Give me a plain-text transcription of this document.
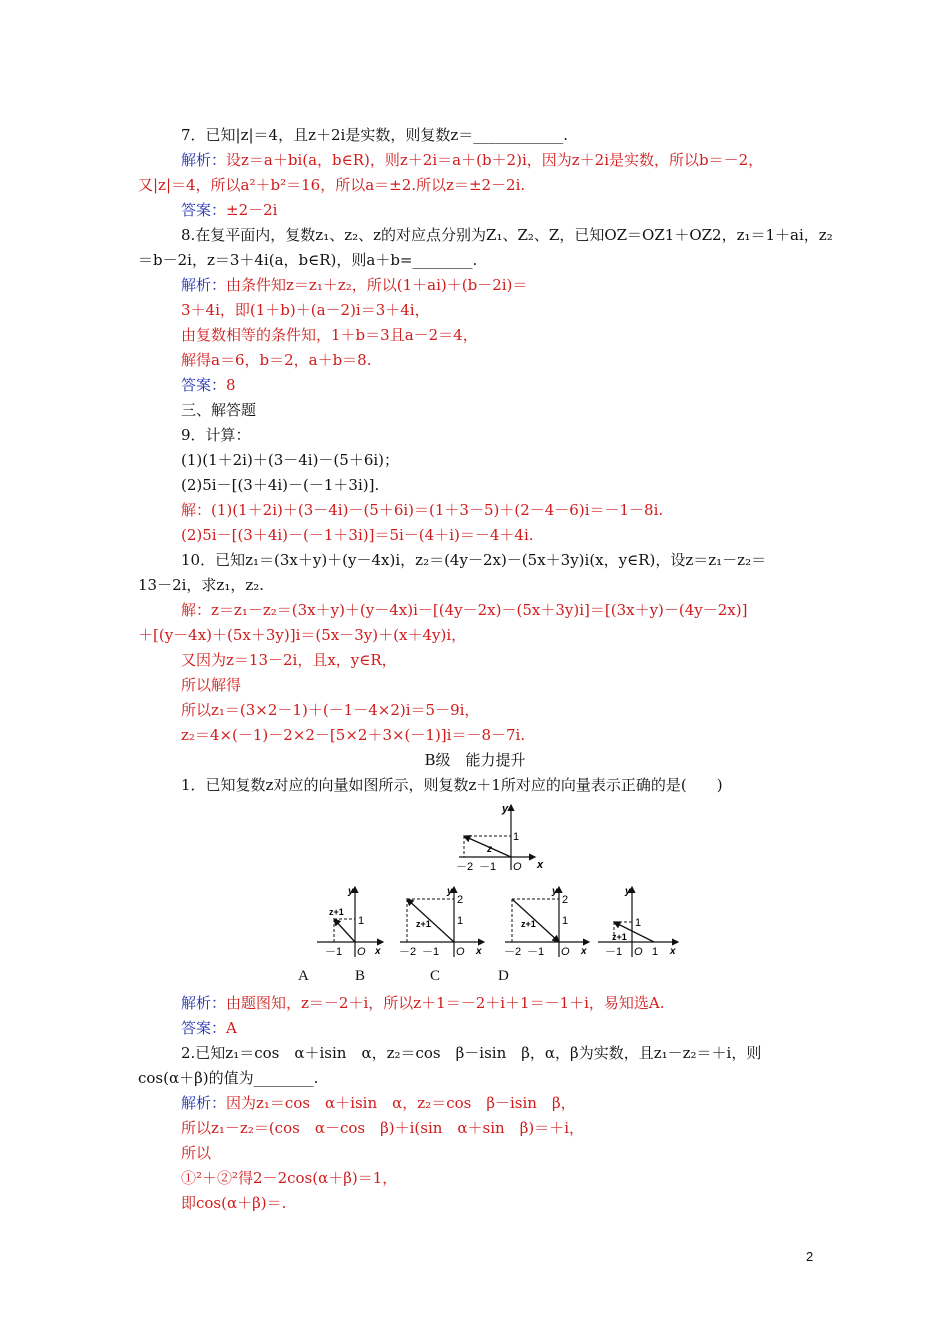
7．已知|z|＝4，且z＋2i是实数，则复数z＝____________.
解析：设z＝a＋bi(a，b∈R)，则z＋2i＝a＋(b＋2)i，因为z＋2i是实数，所以b＝－2，
又|z|＝4，所以a²＋b²＝16，所以a＝±2.所以z＝±2－2i.
答案：±2－2i
8.在复平面内，复数z₁、z₂、z的对应点分别为Z₁、Z₂、Z，已知OZ＝OZ1＋OZ2，z₁＝1＋ai，z₂
＝b－2i，z＝3＋4i(a，b∈R)，则a＋b=________.
解析：由条件知z＝z₁＋z₂，所以(1＋ai)＋(b－2i)＝
3＋4i，即(1＋b)＋(a－2)i＝3＋4i，
由复数相等的条件知，1＋b＝3且a－2＝4，
解得a＝6，b＝2，a＋b＝8.
答案：8
三、解答题
9．计算：
(1)(1＋2i)＋(3－4i)－(5＋6i)；
(2)5i－[(3＋4i)－(－1＋3i)].
解：(1)(1＋2i)＋(3－4i)－(5＋6i)＝(1＋3－5)＋(2－4－6)i＝－1－8i.
(2)5i－[(3＋4i)－(－1＋3i)]＝5i－(4＋i)＝－4＋4i.
10．已知z₁＝(3x＋y)＋(y－4x)i，z₂＝(4y－2x)－(5x＋3y)i(x，y∈R)，设z＝z₁－z₂＝
13－2i，求z₁，z₂.
解：z＝z₁－z₂＝(3x＋y)＋(y－4x)i－[(4y－2x)－(5x＋3y)i]＝[(3x＋y)－(4y－2x)]
＋[(y－4x)＋(5x＋3y)]i＝(5x－3y)＋(x＋4y)i，
又因为z＝13－2i，且x，y∈R，
所以解得
所以z₁＝(3×2－1)＋(－1－4×2)i＝5－9i，
z₂＝4×(－1)－2×2－[5×2＋3×(－1)]i＝－8－7i.
B级　能力提升
1．已知复数z对应的向量如图所示，则复数z＋1所对应的向量表示正确的是(　　)
y
x
O
1
z
－2 －1
y
x
O
1
－1
z+1
y
x
O
2
1
－2 －1
z+1
y
x
O
2
1
－2 －1
z+1
y
x
O
1
－1	1
z+1
A	B	C	D
解析：由题图知，z＝－2＋i，所以z＋1＝－2＋i＋1＝－1＋i，易知选A.
答案：A
2.已知z₁＝cos　α＋isin　α，z₂＝cos　β－isin　β，α，β为实数，且z₁－z₂＝＋i，则
cos(α＋β)的值为________.
解析：因为z₁＝cos　α＋isin　α，z₂＝cos　β－isin　β，
所以z₁－z₂＝(cos　α－cos　β)＋i(sin　α＋sin　β)＝＋i，
所以
①²＋②²得2－2cos(α＋β)＝1，
即cos(α＋β)＝.
2
